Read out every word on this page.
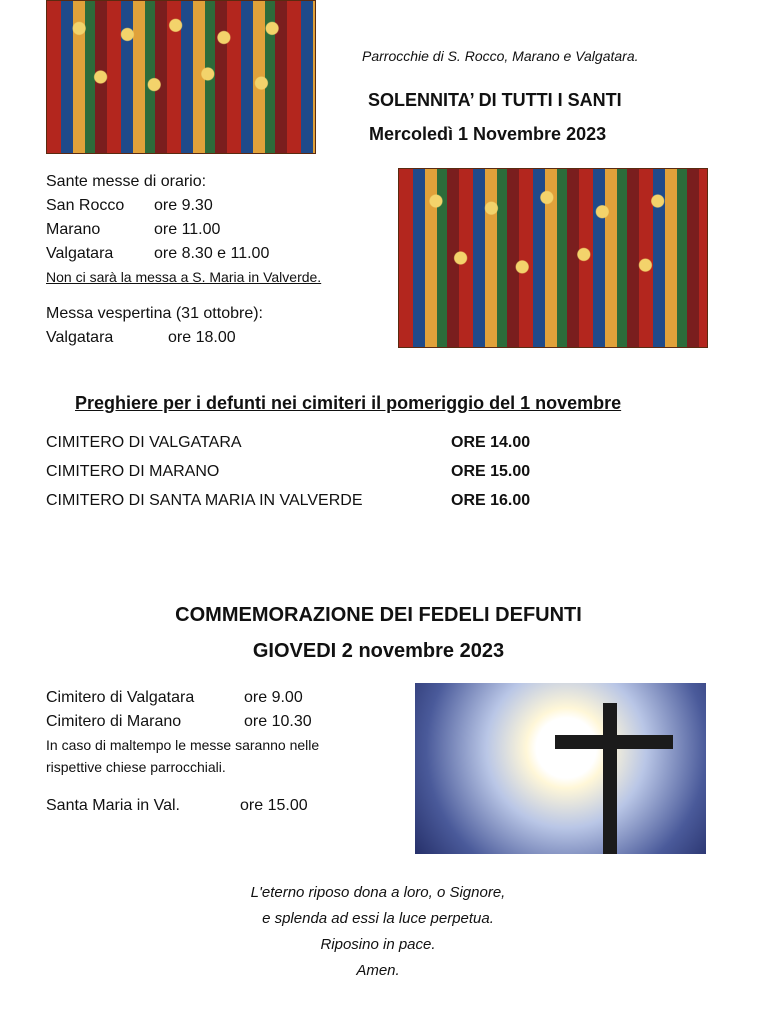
Parrocchie di S. Rocco, Marano e Valgatara.
SOLENNITA’ DI TUTTI I SANTI
Mercoledì 1 Novembre 2023
Sante messe di orario:
San Rocco ore 9.30
Marano	ore 11.00
Valgatara	ore 8.30 e 11.00
Non ci sarà la messa a S. Maria in Valverde.
Messa vespertina (31 ottobre):
Valgatara	ore 18.00
Preghiere per i defunti nei cimiteri il pomeriggio del 1 novembre
CIMITERO DI VALGATARA	ORE 14.00
CIMITERO DI MARANO	ORE 15.00
CIMITERO DI SANTA MARIA IN VALVERDE	ORE 16.00
COMMEMORAZIONE DEI FEDELI DEFUNTI
GIOVEDI 2 novembre 2023
Cimitero di Valgatara	ore 9.00
Cimitero di Marano	ore 10.30
In caso di maltempo le messe saranno nelle
rispettive chiese parrocchiali.
Santa Maria in Val.	ore 15.00
L'eterno riposo dona a loro, o Signore,
e splenda ad essi la luce perpetua.
Riposino in pace.
Amen.
